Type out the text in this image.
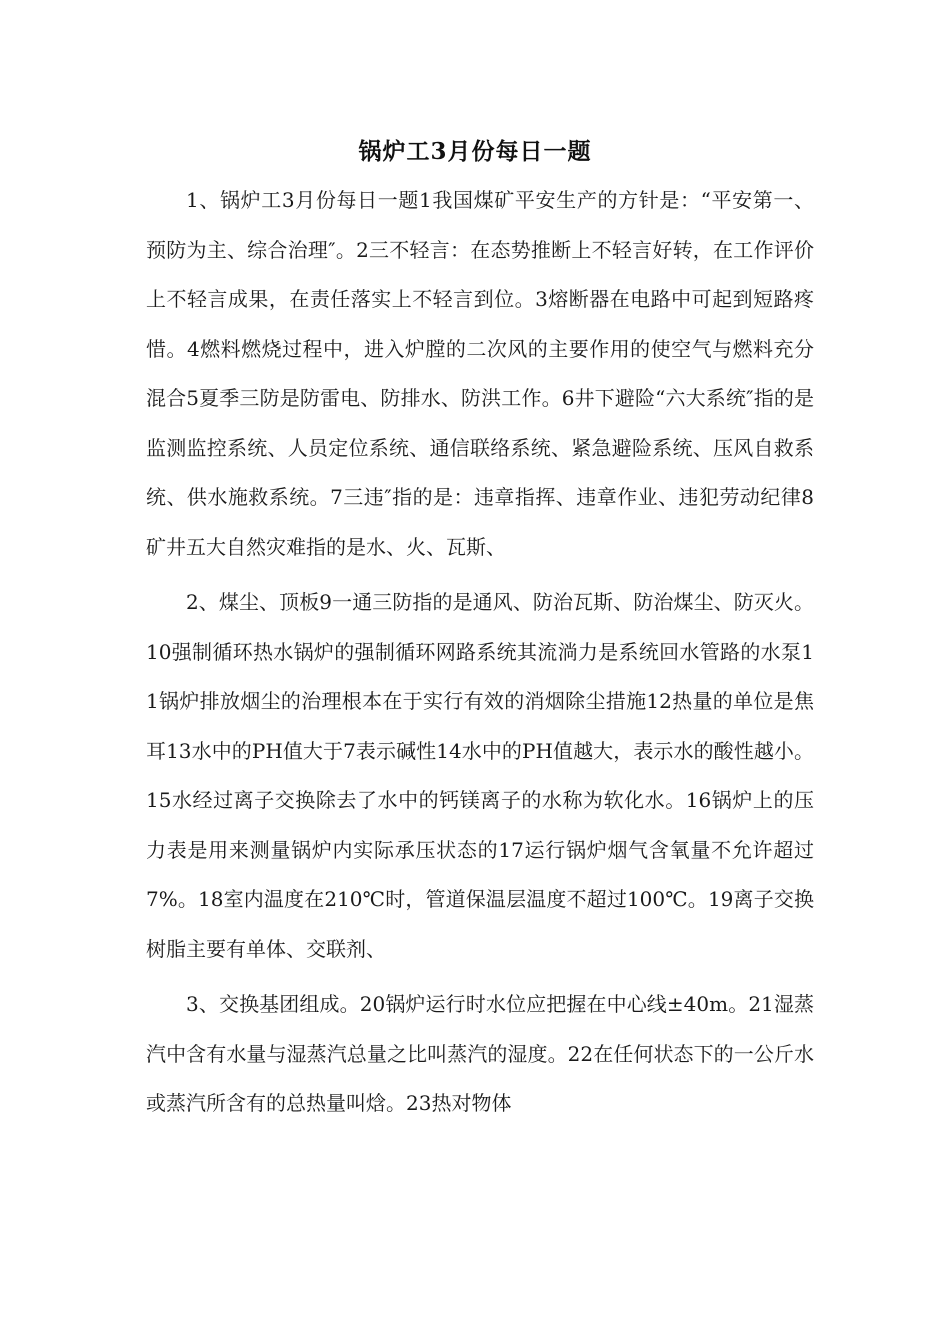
锅炉工3月份每日一题

1、锅炉工3月份每日一题1我国煤矿平安生产的方针是：“平安第一、预防为主、综合治理″。2三不轻言：在态势推断上不轻言好转，在工作评价上不轻言成果，在责任落实上不轻言到位。3熔断器在电路中可起到短路疼惜。4燃料燃烧过程中，进入炉膛的二次风的主要作用的使空气与燃料充分混合5夏季三防是防雷电、防排水、防洪工作。6井下避险“六大系统″指的是监测监控系统、人员定位系统、通信联络系统、紧急避险系统、压风自救系统、供水施救系统。7三违″指的是：违章指挥、违章作业、违犯劳动纪律8矿井五大自然灾难指的是水、火、瓦斯、

2、煤尘、顶板9一通三防指的是通风、防治瓦斯、防治煤尘、防灭火。10强制循环热水锅炉的强制循环网路系统其流淌力是系统回水管路的水泵11锅炉排放烟尘的治理根本在于实行有效的消烟除尘措施12热量的单位是焦耳13水中的PH值大于7表示碱性14水中的PH值越大，表示水的酸性越小。15水经过离子交换除去了水中的钙镁离子的水称为软化水。16锅炉上的压力表是用来测量锅炉内实际承压状态的17运行锅炉烟气含氧量不允许超过7%。18室内温度在210℃时，管道保温层温度不超过100℃。19离子交换树脂主要有单体、交联剂、

3、交换基团组成。20锅炉运行时水位应把握在中心线±40m。21湿蒸汽中含有水量与湿蒸汽总量之比叫蒸汽的湿度。22在任何状态下的一公斤水或蒸汽所含有的总热量叫焓。23热对物体
